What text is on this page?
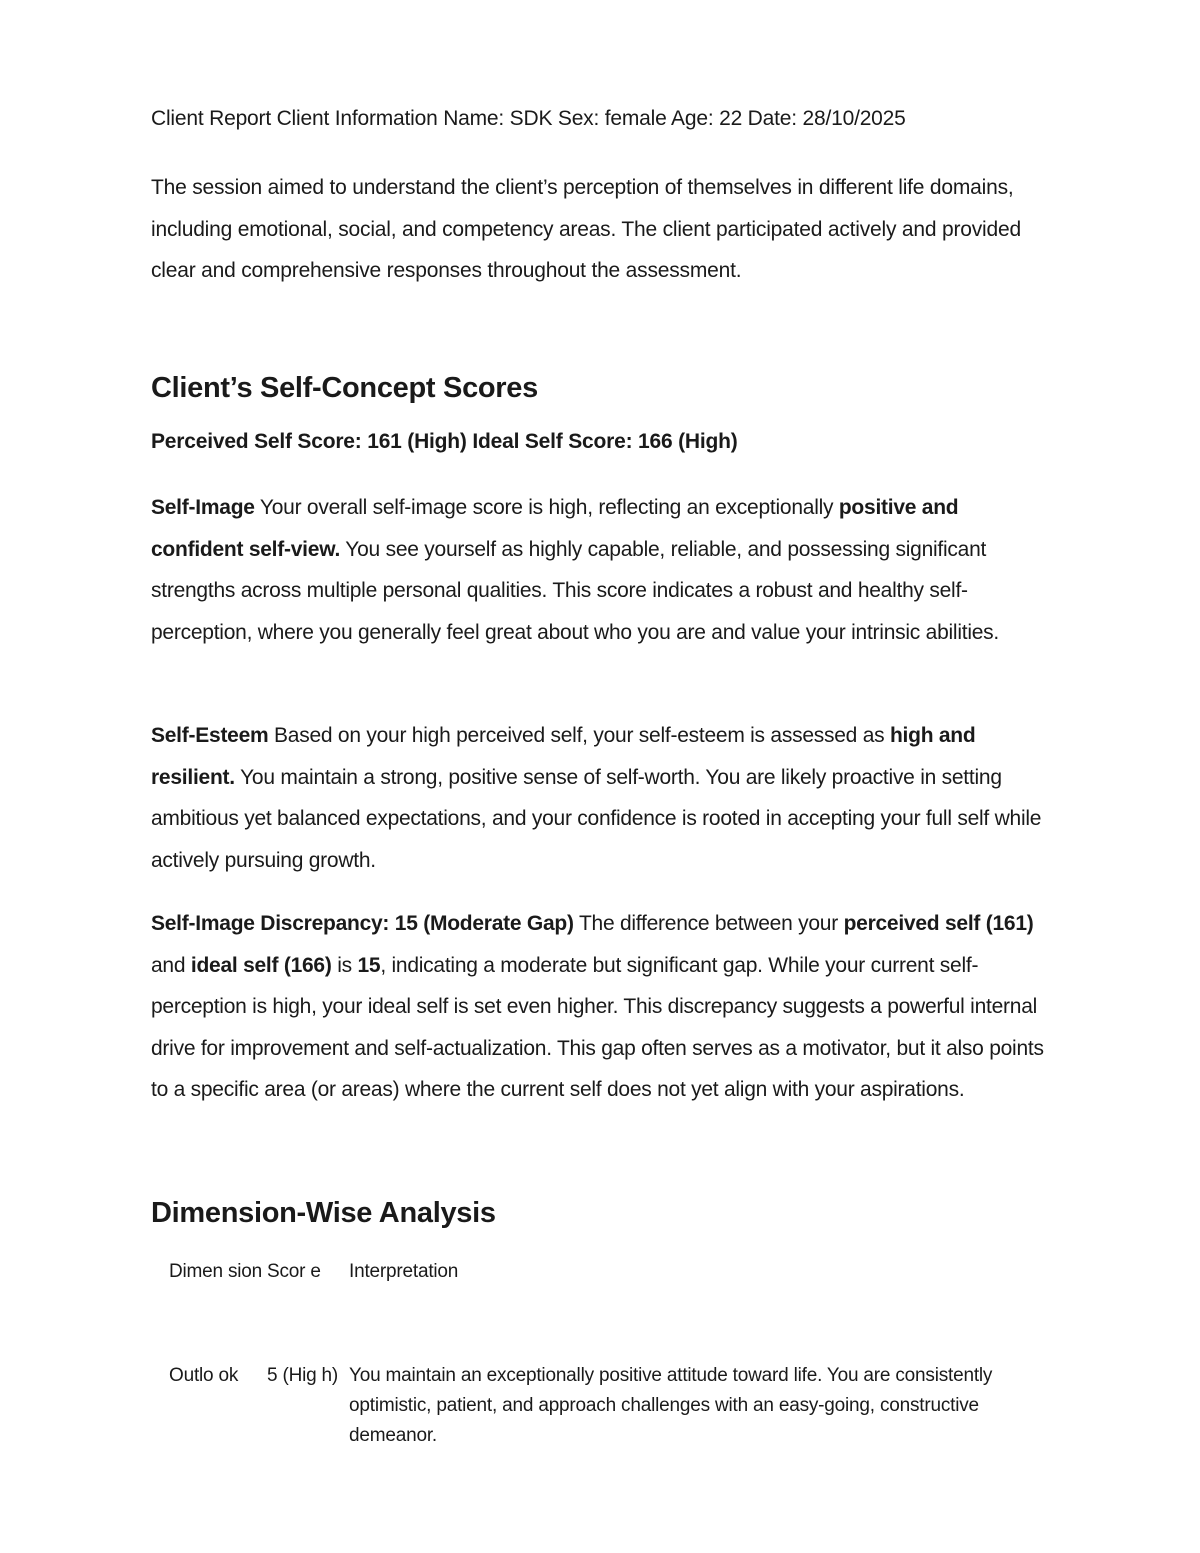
Client Report Client Information Name: SDK Sex: female Age: 22 Date: 28/10/2025

The session aimed to understand the client’s perception of themselves in different life domains, including emotional, social, and competency areas. The client participated actively and provided clear and comprehensive responses throughout the assessment.

Client’s Self-Concept Scores
Perceived Self Score: 161 (High) Ideal Self Score: 166 (High)

Self-Image Your overall self-image score is high, reflecting an exceptionally positive and confident self-view. You see yourself as highly capable, reliable, and possessing significant strengths across multiple personal qualities. This score indicates a robust and healthy self-perception, where you generally feel great about who you are and value your intrinsic abilities.

Self-Esteem Based on your high perceived self, your self-esteem is assessed as high and resilient. You maintain a strong, positive sense of self-worth. You are likely proactive in setting ambitious yet balanced expectations, and your confidence is rooted in accepting your full self while actively pursuing growth.

Self-Image Discrepancy: 15 (Moderate Gap) The difference between your perceived self (161) and ideal self (166) is 15, indicating a moderate but significant gap. While your current self-perception is high, your ideal self is set even higher. This discrepancy suggests a powerful internal drive for improvement and self-actualization. This gap often serves as a motivator, but it also points to a specific area (or areas) where the current self does not yet align with your aspirations.

Dimension-Wise Analysis
Dimen sion	Scor e	Interpretation

Outlo ok	5 (Hig h)	You maintain an exceptionally positive attitude toward life. You are consistently optimistic, patient, and approach challenges with an easy-going, constructive demeanor.
